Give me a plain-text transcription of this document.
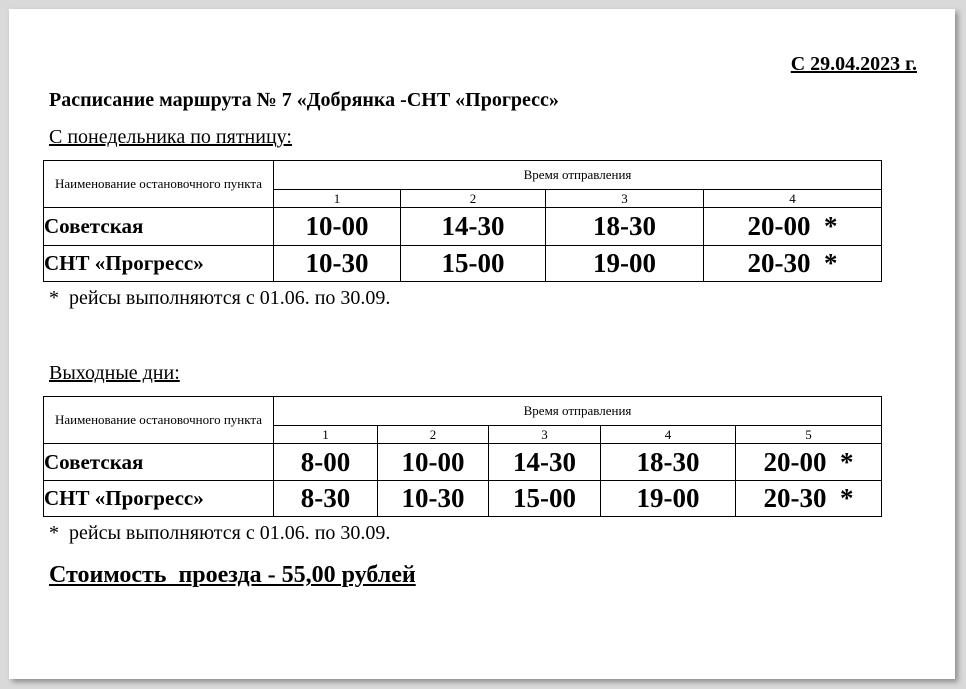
С 29.04.2023 г.
Расписание маршрута № 7 «Добрянка -СНТ «Прогресс»
С понедельника по пятницу:
Наименование остановочного пункта	Время отправления			
	1	2	3	4
Советская	10-00	14-30	18-30	20-00  *
СНТ «Прогресс»	10-30	15-00	19-00	20-30  *
*  рейсы выполняются с 01.06. по 30.09.
Выходные дни:
Наименование остановочного пункта	Время отправления				
	1	2	3	4	5
Советская	8-00	10-00	14-30	18-30	20-00  *
СНТ «Прогресс»	8-30	10-30	15-00	19-00	20-30  *
*  рейсы выполняются с 01.06. по 30.09.
Стоимость  проезда - 55,00 рублей
